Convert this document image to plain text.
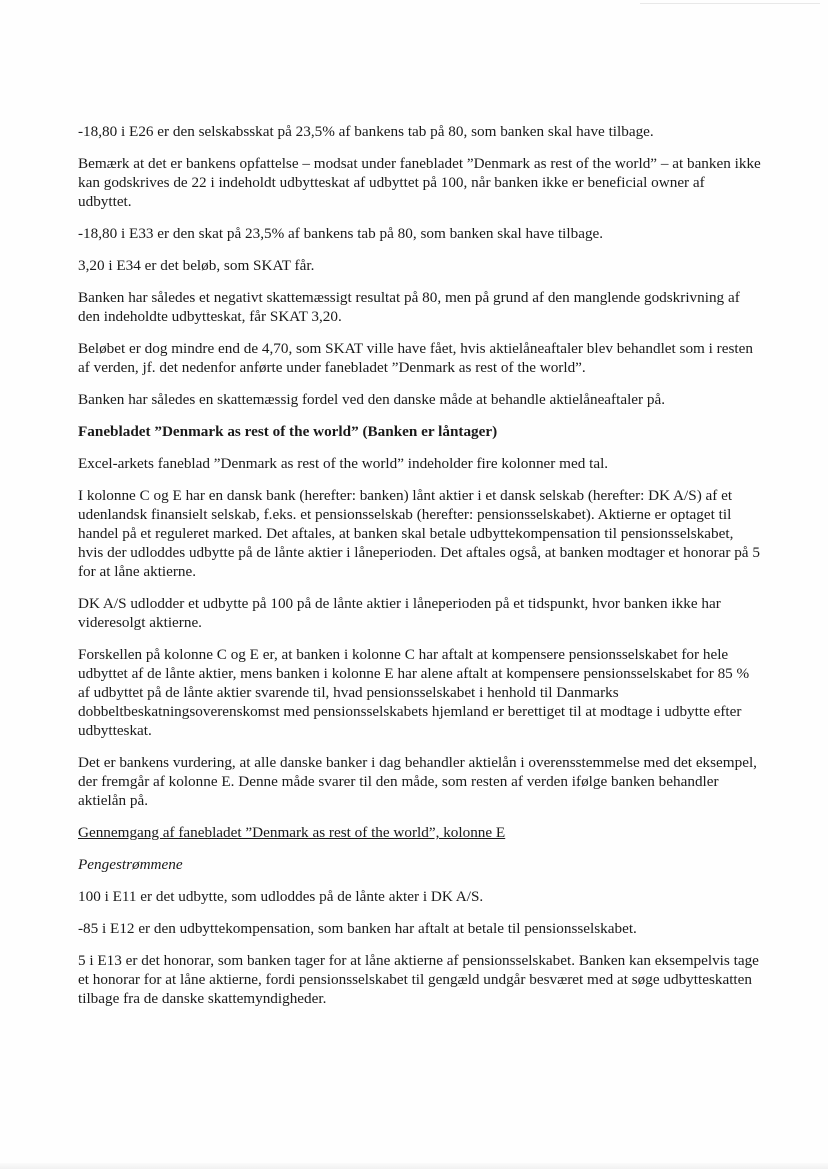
-18,80 i E26 er den selskabsskat på 23,5% af bankens tab på 80, som banken skal have tilbage.

Bemærk at det er bankens opfattelse – modsat under fanebladet ”Denmark as rest of the world” – at banken ikke kan godskrives de 22 i indeholdt udbytteskat af udbyttet på 100, når banken ikke er beneficial owner af udbyttet.

-18,80 i E33 er den skat på 23,5% af bankens tab på 80, som banken skal have tilbage.

3,20 i E34 er det beløb, som SKAT får.

Banken har således et negativt skattemæssigt resultat på 80, men på grund af den manglende godskrivning af den indeholdte udbytteskat, får SKAT 3,20.

Beløbet er dog mindre end de 4,70, som SKAT ville have fået, hvis aktielåneaftaler blev behandlet som i resten af verden, jf. det nedenfor anførte under fanebladet ”Denmark as rest of the world”.

Banken har således en skattemæssig fordel ved den danske måde at behandle aktielåneaftaler på.

Fanebladet ”Denmark as rest of the world” (Banken er låntager)

Excel-arkets faneblad ”Denmark as rest of the world” indeholder fire kolonner med tal.

I kolonne C og E har en dansk bank (herefter: banken) lånt aktier i et dansk selskab (herefter: DK A/S) af et udenlandsk finansielt selskab, f.eks. et pensionsselskab (herefter: pensionsselskabet). Aktierne er optaget til handel på et reguleret marked. Det aftales, at banken skal betale udbyttekompensation til pensionsselskabet, hvis der udloddes udbytte på de lånte aktier i låneperioden. Det aftales også, at banken modtager et honorar på 5 for at låne aktierne.

DK A/S udlodder et udbytte på 100 på de lånte aktier i låneperioden på et tidspunkt, hvor banken ikke har videresolgt aktierne.

Forskellen på kolonne C og E er, at banken i kolonne C har aftalt at kompensere pensionsselskabet for hele udbyttet af de lånte aktier, mens banken i kolonne E har alene aftalt at kompensere pensionsselskabet for 85 % af udbyttet på de lånte aktier svarende til, hvad pensionsselskabet i henhold til Danmarks dobbeltbeskatningsoverenskomst med pensionsselskabets hjemland er berettiget til at modtage i udbytte efter udbytteskat.

Det er bankens vurdering, at alle danske banker i dag behandler aktielån i overensstemmelse med det eksempel, der fremgår af kolonne E. Denne måde svarer til den måde, som resten af verden ifølge banken behandler aktielån på.

Gennemgang af fanebladet ”Denmark as rest of the world”, kolonne E

Pengestrømmene

100 i E11 er det udbytte, som udloddes på de lånte akter i DK A/S.

-85 i E12 er den udbyttekompensation, som banken har aftalt at betale til pensionsselskabet.

5 i E13 er det honorar, som banken tager for at låne aktierne af pensionsselskabet. Banken kan eksempelvis tage et honorar for at låne aktierne, fordi pensionsselskabet til gengæld undgår besværet med at søge udbytteskatten tilbage fra de danske skattemyndigheder.
